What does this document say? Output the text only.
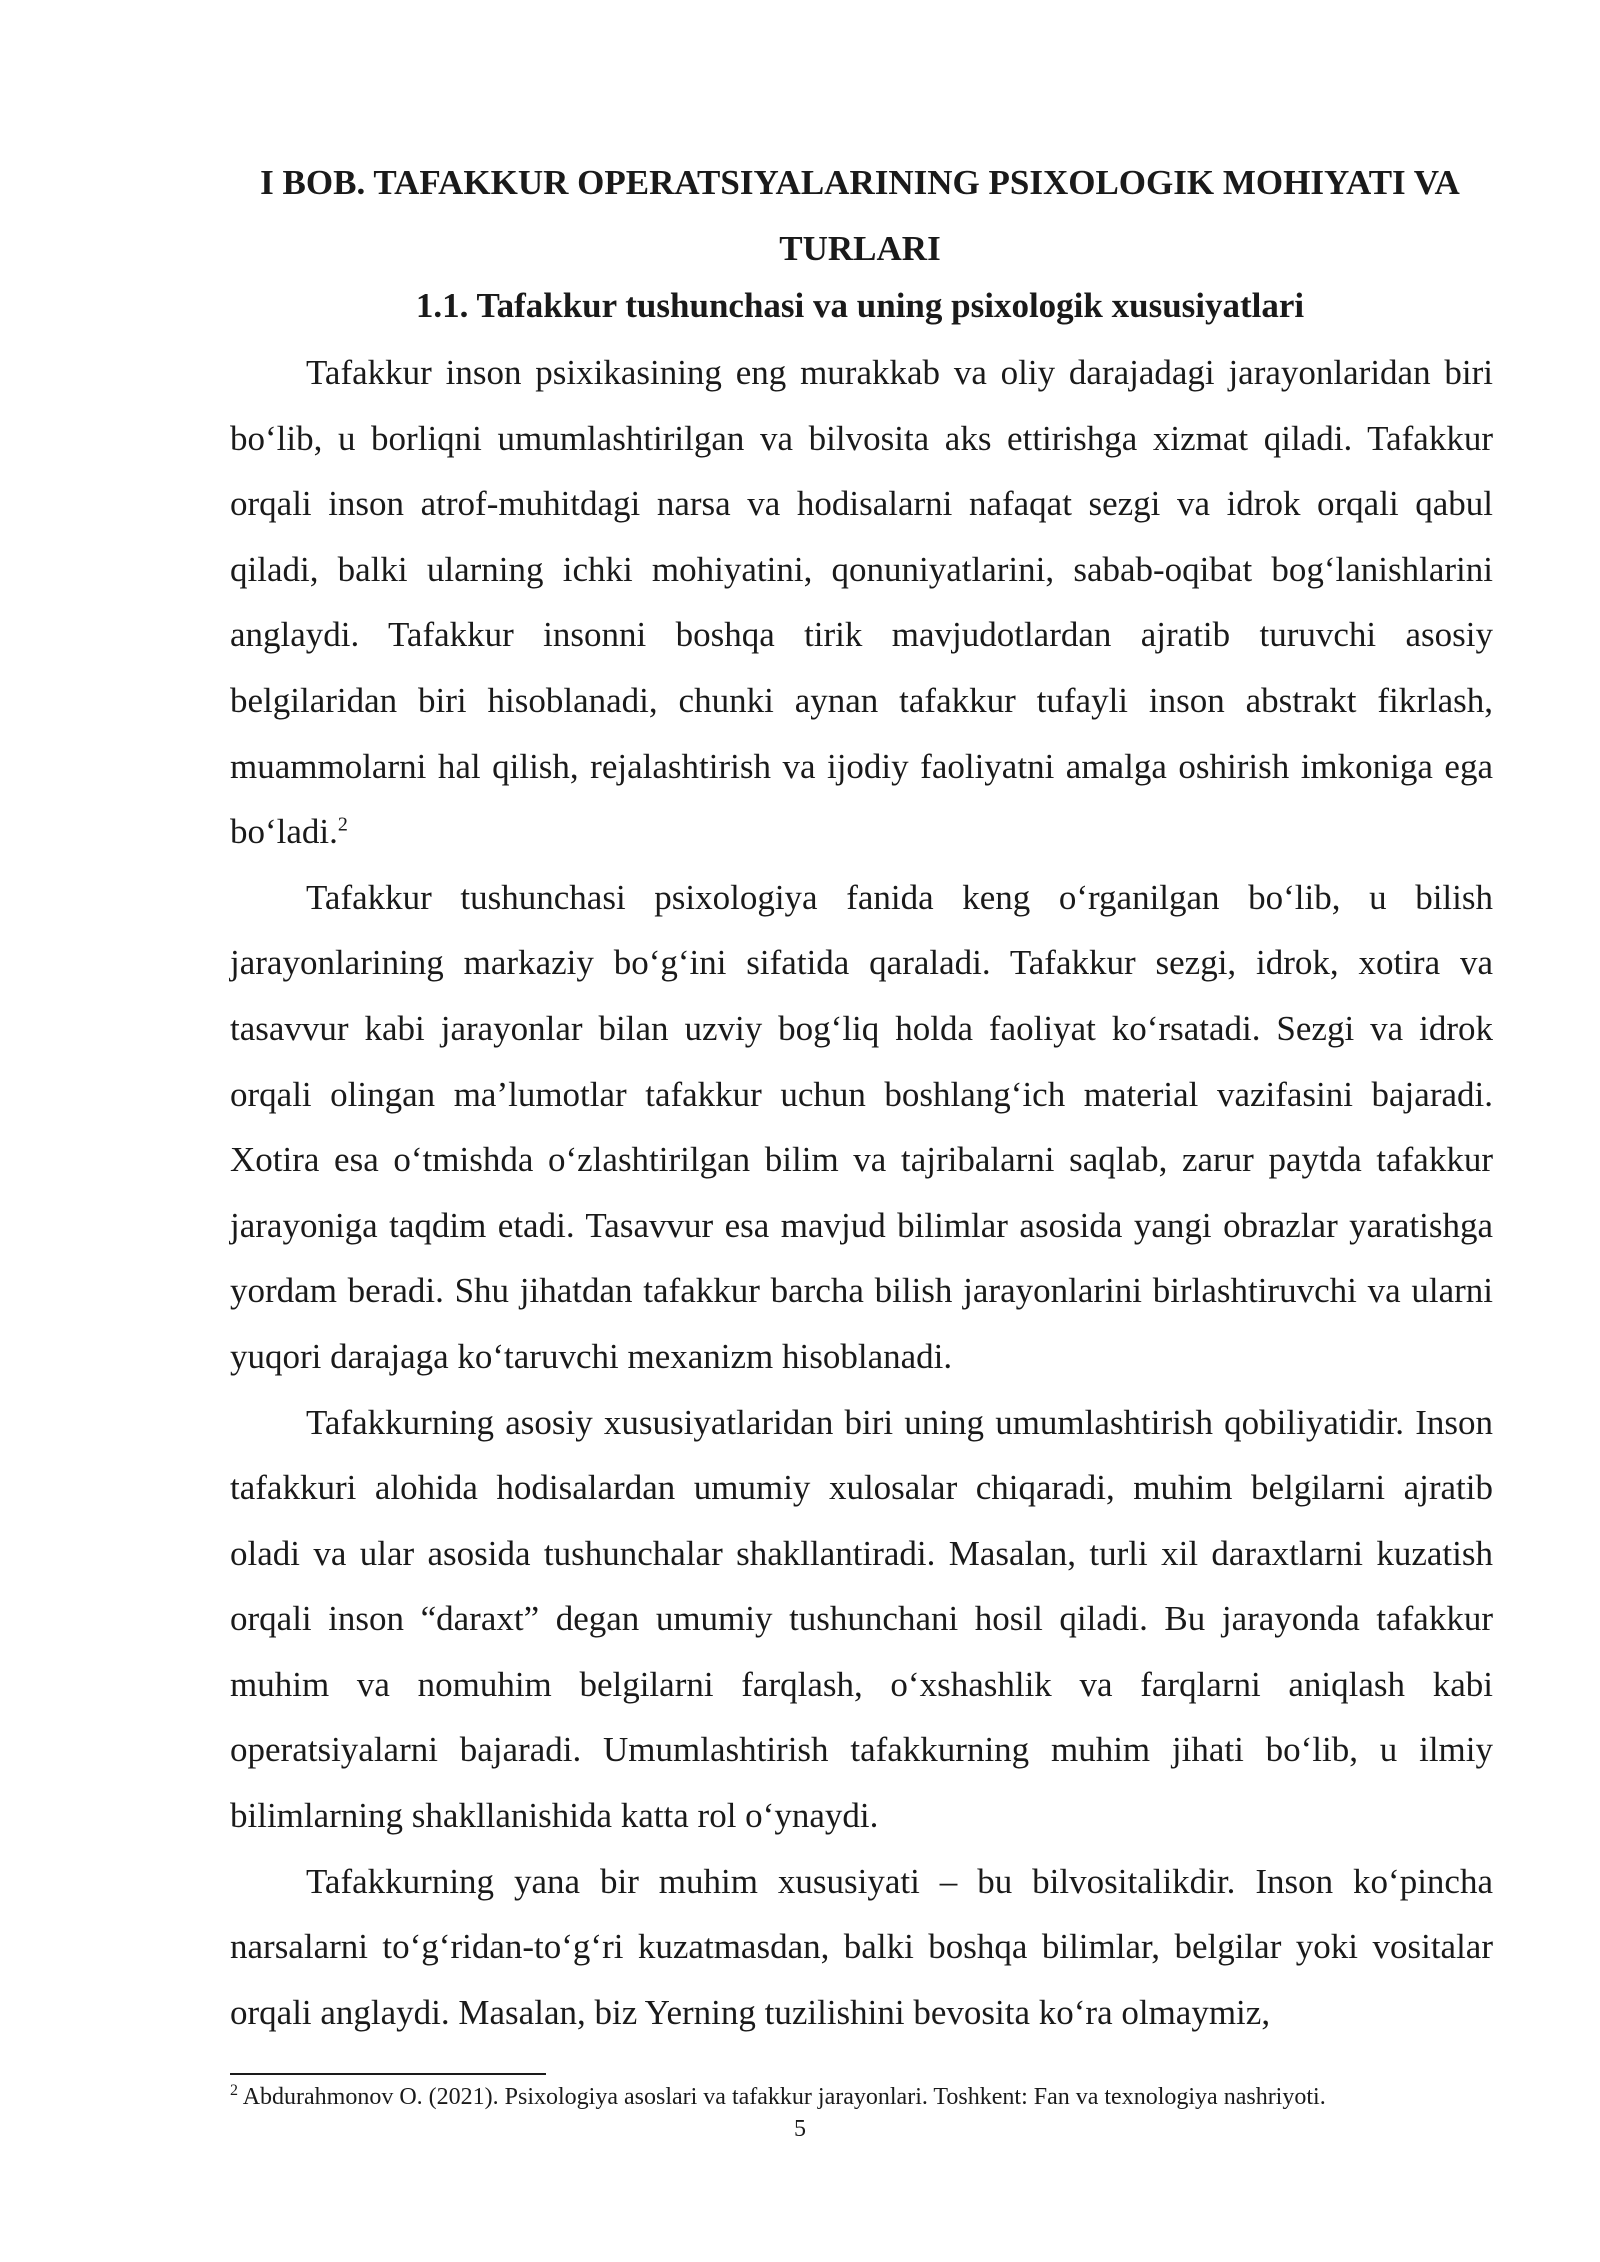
I BOB. TAFAKKUR OPERATSIYALARINING PSIXOLOGIK MOHIYATI VA TURLARI
1.1. Tafakkur tushunchasi va uning psixologik xususiyatlari

Tafakkur inson psixikasining eng murakkab va oliy darajadagi jarayonlaridan biri bo‘lib, u borliqni umumlashtirilgan va bilvosita aks ettirishga xizmat qiladi. Tafakkur orqali inson atrof-muhitdagi narsa va hodisalarni nafaqat sezgi va idrok orqali qabul qiladi, balki ularning ichki mohiyatini, qonuniyatlarini, sabab-oqibat bog‘lanishlarini anglaydi. Tafakkur insonni boshqa tirik mavjudotlardan ajratib turuvchi asosiy belgilaridan biri hisoblanadi, chunki aynan tafakkur tufayli inson abstrakt fikrlash, muammolarni hal qilish, rejalashtirish va ijodiy faoliyatni amalga oshirish imkoniga ega bo‘ladi.$^2$

Tafakkur tushunchasi psixologiya fanida keng o‘rganilgan bo‘lib, u bilish jarayonlarining markaziy bo‘g‘ini sifatida qaraladi. Tafakkur sezgi, idrok, xotira va tasavvur kabi jarayonlar bilan uzviy bog‘liq holda faoliyat ko‘rsatadi. Sezgi va idrok orqali olingan ma’lumotlar tafakkur uchun boshlang‘ich material vazifasini bajaradi. Xotira esa o‘tmishda o‘zlashtirilgan bilim va tajribalarni saqlab, zarur paytda tafakkur jarayoniga taqdim etadi. Tasavvur esa mavjud bilimlar asosida yangi obrazlar yaratishga yordam beradi. Shu jihatdan tafakkur barcha bilish jarayonlarini birlashtiruvchi va ularni yuqori darajaga ko‘taruvchi mexanizm hisoblanadi.

Tafakkurning asosiy xususiyatlaridan biri uning umumlashtirish qobiliyatidir. Inson tafakkuri alohida hodisalardan umumiy xulosalar chiqaradi, muhim belgilarni ajratib oladi va ular asosida tushunchalar shakllantiradi. Masalan, turli xil daraxtlarni kuzatish orqali inson “daraxt” degan umumiy tushunchani hosil qiladi. Bu jarayonda tafakkur muhim va nomuhim belgilarni farqlash, o‘xshashlik va farqlarni aniqlash kabi operatsiyalarni bajaradi. Umumlashtirish tafakkurning muhim jihati bo‘lib, u ilmiy bilimlarning shakllanishida katta rol o‘ynaydi.

Tafakkurning yana bir muhim xususiyati – bu bilvositalikdir. Inson ko‘pincha narsalarni to‘g‘ridan-to‘g‘ri kuzatmasdan, balki boshqa bilimlar, belgilar yoki vositalar orqali anglaydi. Masalan, biz Yerning tuzilishini bevosita ko‘ra olmaymiz,

$^2$ Abdurahmonov O. (2021). Psixologiya asoslari va tafakkur jarayonlari. Toshkent: Fan va texnologiya nashriyoti.

5
